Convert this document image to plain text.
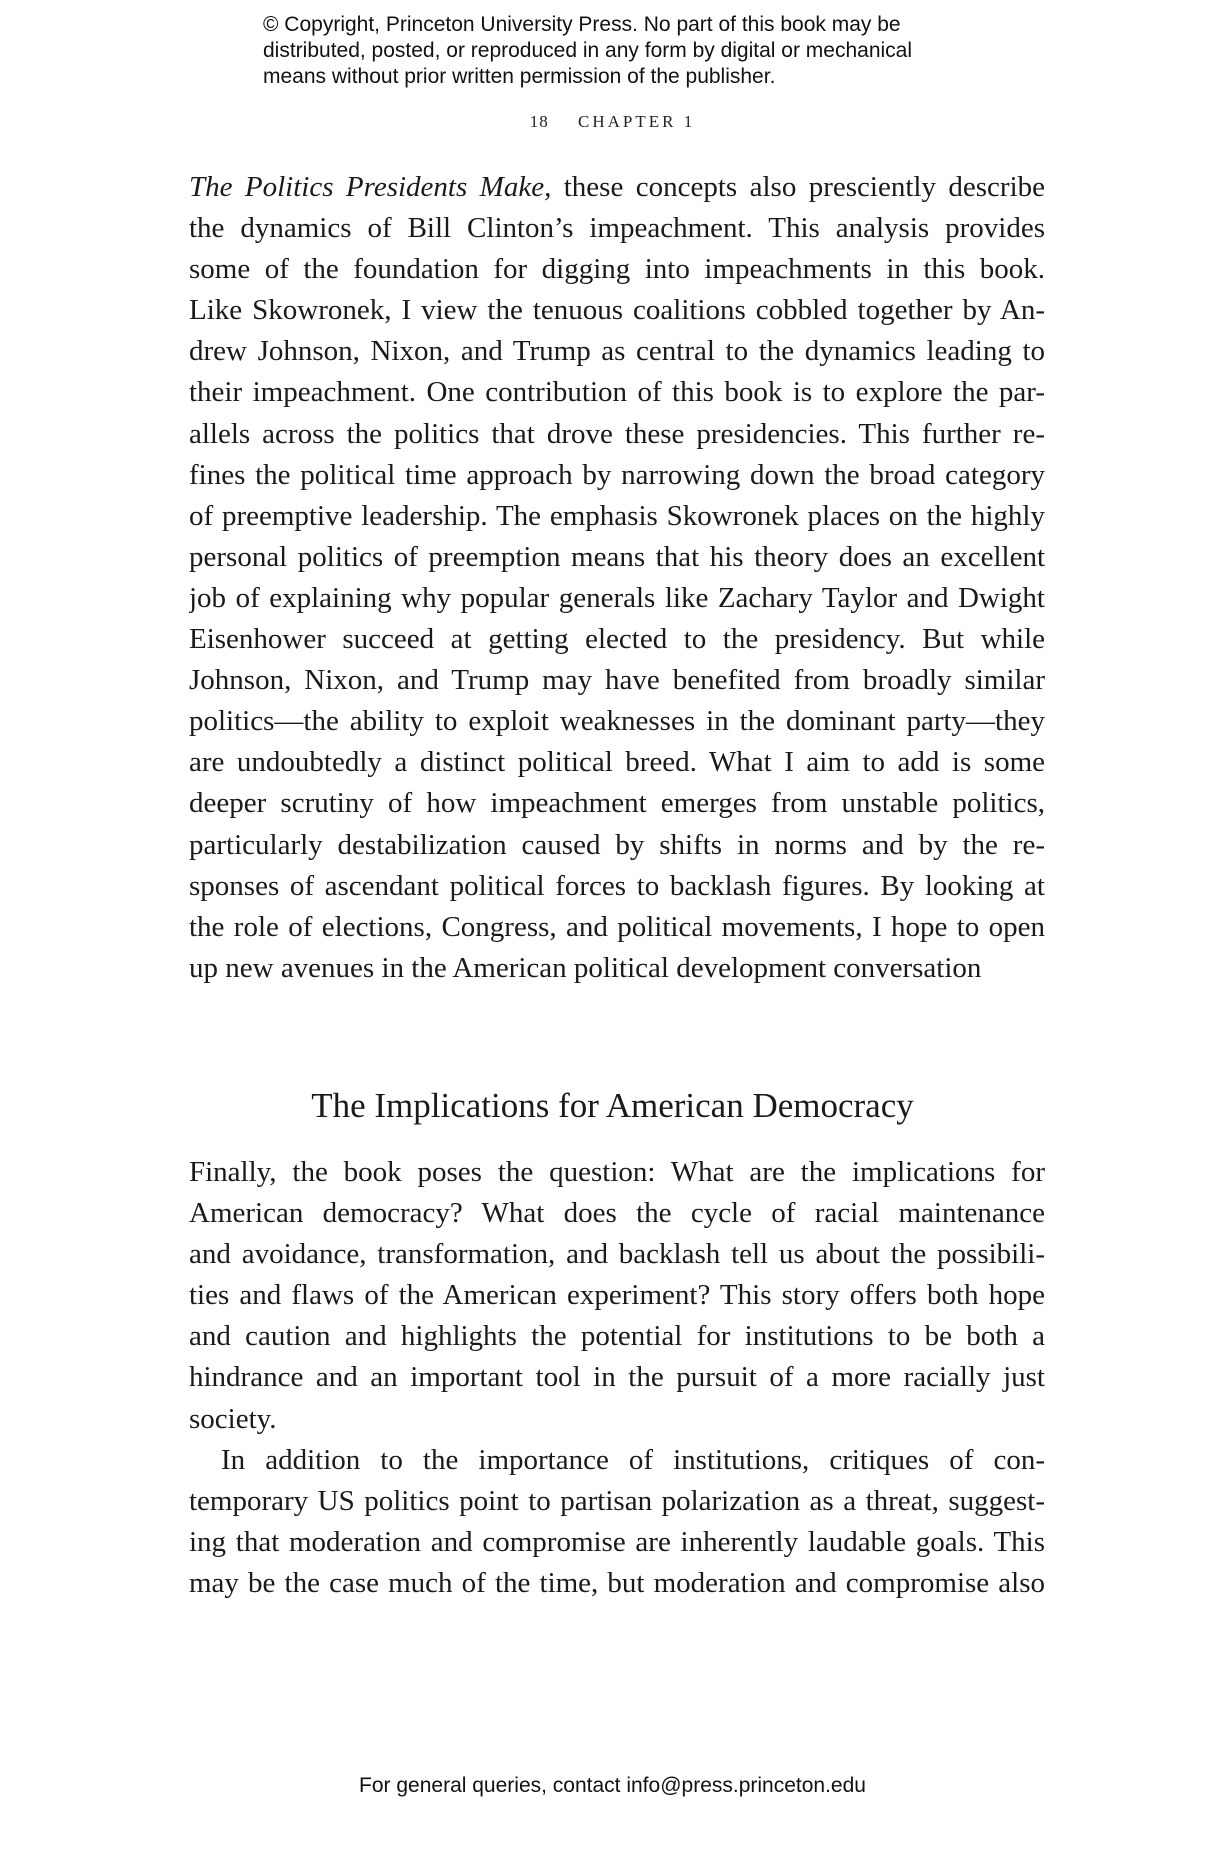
© Copyright, Princeton University Press. No part of this book may be
distributed, posted, or reproduced in any form by digital or mechanical
means without prior written permission of the publisher.
18 CHAPTER 1
The Politics Presidents Make, these concepts also presciently describe
the dynamics of Bill Clinton’s impeachment. This analysis provides
some of the foundation for digging into impeachments in this book.
Like Skowronek, I view the tenuous coalitions cobbled together by An-
drew Johnson, Nixon, and Trump as central to the dynamics leading to
their impeachment. One contribution of this book is to explore the par-
allels across the politics that drove these presidencies. This further re-
fines the political time approach by narrowing down the broad category
of preemptive leadership. The emphasis Skowronek places on the highly
personal politics of preemption means that his theory does an excellent
job of explaining why popular generals like Zachary Taylor and Dwight
Eisenhower succeed at getting elected to the presidency. But while
Johnson, Nixon, and Trump may have benefited from broadly similar
politics—the ability to exploit weaknesses in the dominant party—they
are undoubtedly a distinct political breed. What I aim to add is some
deeper scrutiny of how impeachment emerges from unstable politics,
particularly destabilization caused by shifts in norms and by the re-
sponses of ascendant political forces to backlash figures. By looking at
the role of elections, Congress, and political movements, I hope to open
up new avenues in the American political development conversation
The Implications for American Democracy
Finally, the book poses the question: What are the implications for
American democracy? What does the cycle of racial maintenance
and avoidance, transformation, and backlash tell us about the possibili-
ties and flaws of the American experiment? This story offers both hope
and caution and highlights the potential for institutions to be both a
hindrance and an important tool in the pursuit of a more racially just
society.
In addition to the importance of institutions, critiques of con-
temporary US politics point to partisan polarization as a threat, suggest-
ing that moderation and compromise are inherently laudable goals. This
may be the case much of the time, but moderation and compromise also
For general queries, contact info@press.princeton.edu
